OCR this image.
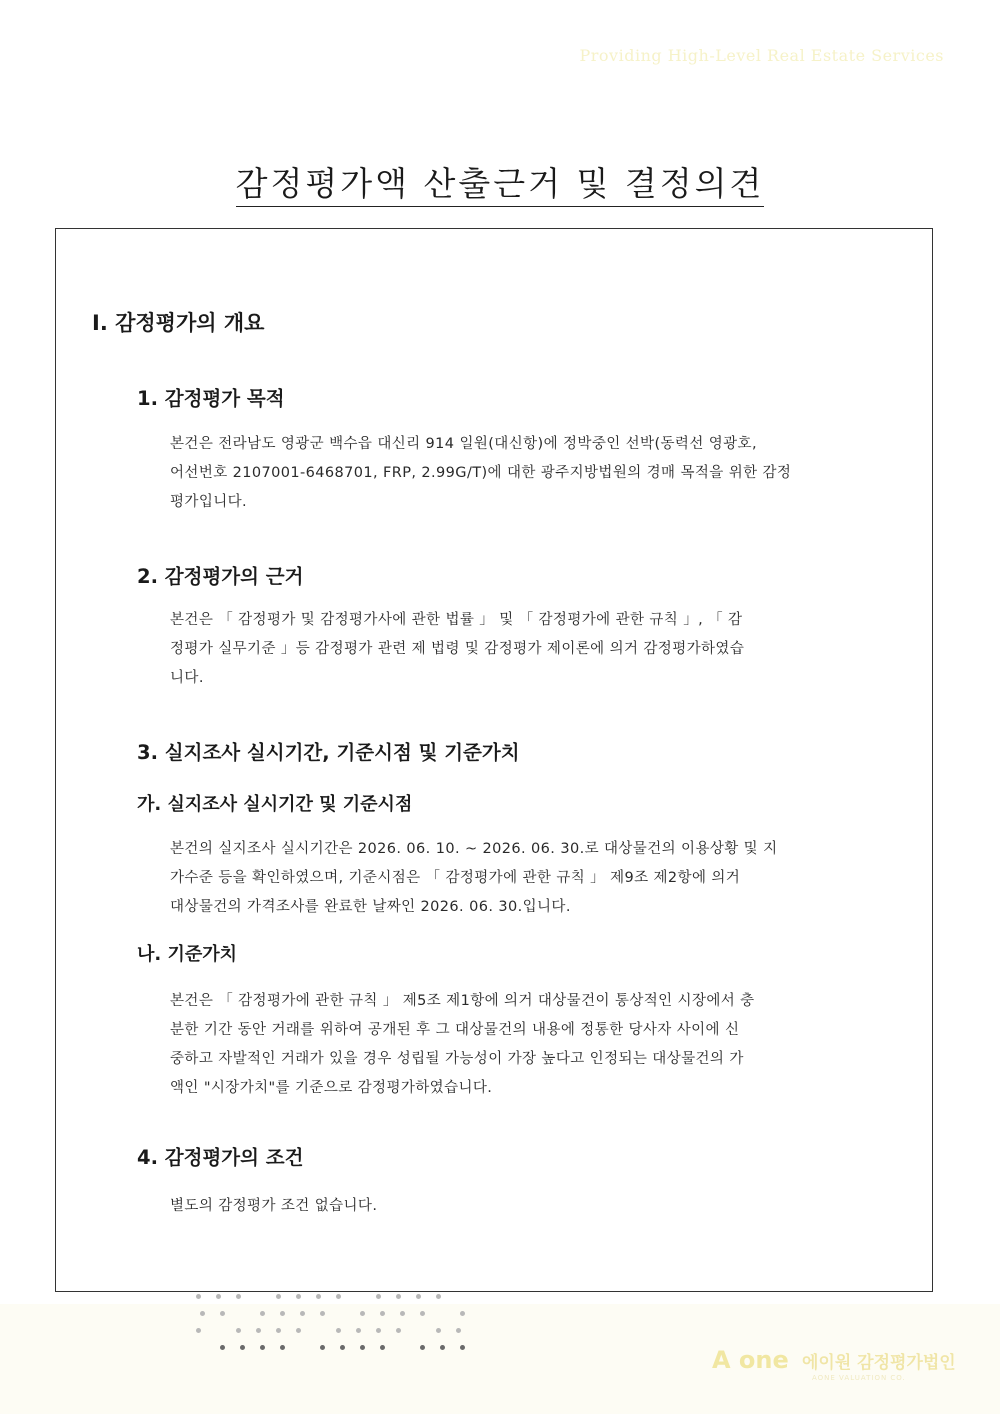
Providing High-Level Real Estate Services
감정평가액 산출근거 및 결정의견
Ⅰ. 감정평가의 개요
1. 감정평가 목적
본건은 전라남도 영광군 백수읍 대신리 914 일원(대신항)에 정박중인 선박(동력선 영광호,
어선번호 2107001-6468701, FRP, 2.99G/T)에 대한 광주지방법원의 경매 목적을 위한 감정
평가입니다.
2. 감정평가의 근거
본건은 「 감정평가 및 감정평가사에 관한 법률 」 및 「 감정평가에 관한 규칙 」, 「 감
정평가 실무기준 」등 감정평가 관련 제 법령 및 감정평가 제이론에 의거 감정평가하였습
니다.
3. 실지조사 실시기간, 기준시점 및 기준가치
가. 실지조사 실시기간 및 기준시점
본건의 실지조사 실시기간은 2026. 06. 10. ~ 2026. 06. 30.로 대상물건의 이용상황 및 지
가수준 등을 확인하였으며, 기준시점은 「 감정평가에 관한 규칙 」 제9조 제2항에 의거
대상물건의 가격조사를 완료한 날짜인 2026. 06. 30.입니다.
나. 기준가치
본건은 「 감정평가에 관한 규칙 」 제5조 제1항에 의거 대상물건이 통상적인 시장에서 충
분한 기간 동안 거래를 위하여 공개된 후 그 대상물건의 내용에 정통한 당사자 사이에 신
중하고 자발적인 거래가 있을 경우 성립될 가능성이 가장 높다고 인정되는 대상물건의 가
액인 "시장가치"를 기준으로 감정평가하였습니다.
4. 감정평가의 조건
별도의 감정평가 조건 없습니다.
A one 에이원 감정평가법인
AONE VALUATION CO.
